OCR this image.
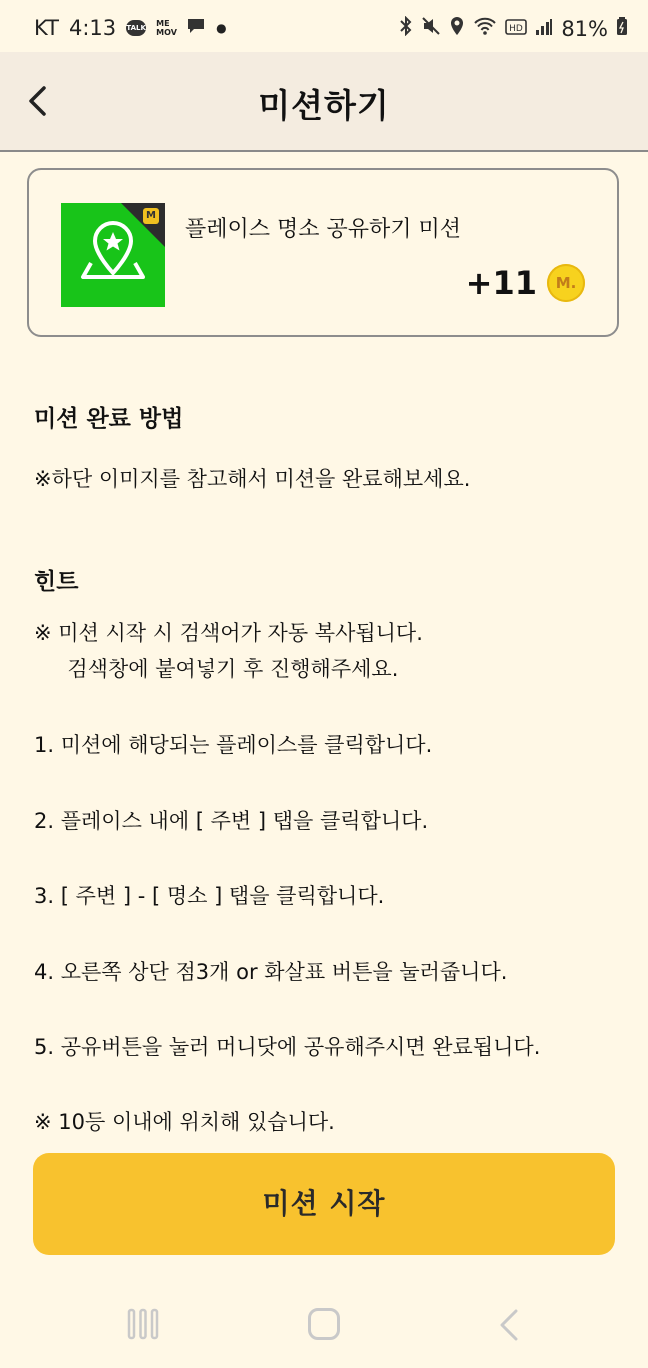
KT 4:13 TALK ME MOV	●	HD 81%
미션하기
M
플레이스 명소 공유하기 미션
+11	M.
미션 완료 방법
※하단 이미지를 참고해서 미션을 완료해보세요.
힌트
※ 미션 시작 시 검색어가 자동 복사됩니다.
검색창에 붙여넣기 후 진행해주세요.
1. 미션에 해당되는 플레이스를 클릭합니다.
2. 플레이스 내에 [ 주변 ] 탭을 클릭합니다.
3. [ 주변 ] - [ 명소 ] 탭을 클릭합니다.
4. 오른쪽 상단 점3개 or 화살표 버튼을 눌러줍니다.
5. 공유버튼을 눌러 머니닷에 공유해주시면 완료됩니다.
※ 10등 이내에 위치해 있습니다.
미션 시작
